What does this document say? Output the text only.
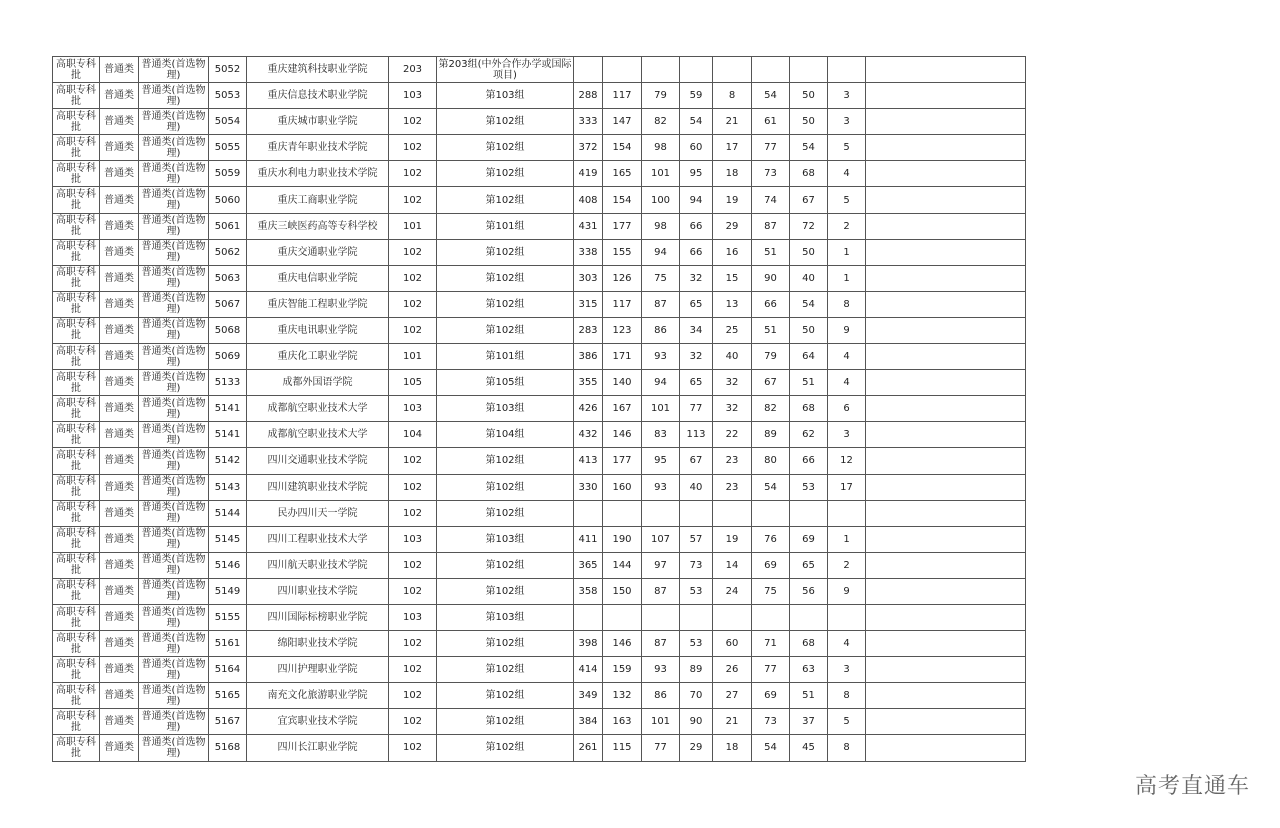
高职专科批	普通类	普通类(首选物理)	5052	重庆建筑科技职业学院	203	第203组(中外合作办学或国际项目)									
高职专科批	普通类	普通类(首选物理)	5053	重庆信息技术职业学院	103	第103组	288	117	79	59	8	54	50	3	
高职专科批	普通类	普通类(首选物理)	5054	重庆城市职业学院	102	第102组	333	147	82	54	21	61	50	3	
高职专科批	普通类	普通类(首选物理)	5055	重庆青年职业技术学院	102	第102组	372	154	98	60	17	77	54	5	
高职专科批	普通类	普通类(首选物理)	5059	重庆水利电力职业技术学院	102	第102组	419	165	101	95	18	73	68	4	
高职专科批	普通类	普通类(首选物理)	5060	重庆工商职业学院	102	第102组	408	154	100	94	19	74	67	5	
高职专科批	普通类	普通类(首选物理)	5061	重庆三峡医药高等专科学校	101	第101组	431	177	98	66	29	87	72	2	
高职专科批	普通类	普通类(首选物理)	5062	重庆交通职业学院	102	第102组	338	155	94	66	16	51	50	1	
高职专科批	普通类	普通类(首选物理)	5063	重庆电信职业学院	102	第102组	303	126	75	32	15	90	40	1	
高职专科批	普通类	普通类(首选物理)	5067	重庆智能工程职业学院	102	第102组	315	117	87	65	13	66	54	8	
高职专科批	普通类	普通类(首选物理)	5068	重庆电讯职业学院	102	第102组	283	123	86	34	25	51	50	9	
高职专科批	普通类	普通类(首选物理)	5069	重庆化工职业学院	101	第101组	386	171	93	32	40	79	64	4	
高职专科批	普通类	普通类(首选物理)	5133	成都外国语学院	105	第105组	355	140	94	65	32	67	51	4	
高职专科批	普通类	普通类(首选物理)	5141	成都航空职业技术大学	103	第103组	426	167	101	77	32	82	68	6	
高职专科批	普通类	普通类(首选物理)	5141	成都航空职业技术大学	104	第104组	432	146	83	113	22	89	62	3	
高职专科批	普通类	普通类(首选物理)	5142	四川交通职业技术学院	102	第102组	413	177	95	67	23	80	66	12	
高职专科批	普通类	普通类(首选物理)	5143	四川建筑职业技术学院	102	第102组	330	160	93	40	23	54	53	17	
高职专科批	普通类	普通类(首选物理)	5144	民办四川天一学院	102	第102组									
高职专科批	普通类	普通类(首选物理)	5145	四川工程职业技术大学	103	第103组	411	190	107	57	19	76	69	1	
高职专科批	普通类	普通类(首选物理)	5146	四川航天职业技术学院	102	第102组	365	144	97	73	14	69	65	2	
高职专科批	普通类	普通类(首选物理)	5149	四川职业技术学院	102	第102组	358	150	87	53	24	75	56	9	
高职专科批	普通类	普通类(首选物理)	5155	四川国际标榜职业学院	103	第103组									
高职专科批	普通类	普通类(首选物理)	5161	绵阳职业技术学院	102	第102组	398	146	87	53	60	71	68	4	
高职专科批	普通类	普通类(首选物理)	5164	四川护理职业学院	102	第102组	414	159	93	89	26	77	63	3	
高职专科批	普通类	普通类(首选物理)	5165	南充文化旅游职业学院	102	第102组	349	132	86	70	27	69	51	8	
高职专科批	普通类	普通类(首选物理)	5167	宜宾职业技术学院	102	第102组	384	163	101	90	21	73	37	5	
高职专科批	普通类	普通类(首选物理)	5168	四川长江职业学院	102	第102组	261	115	77	29	18	54	45	8	
高考直通车
